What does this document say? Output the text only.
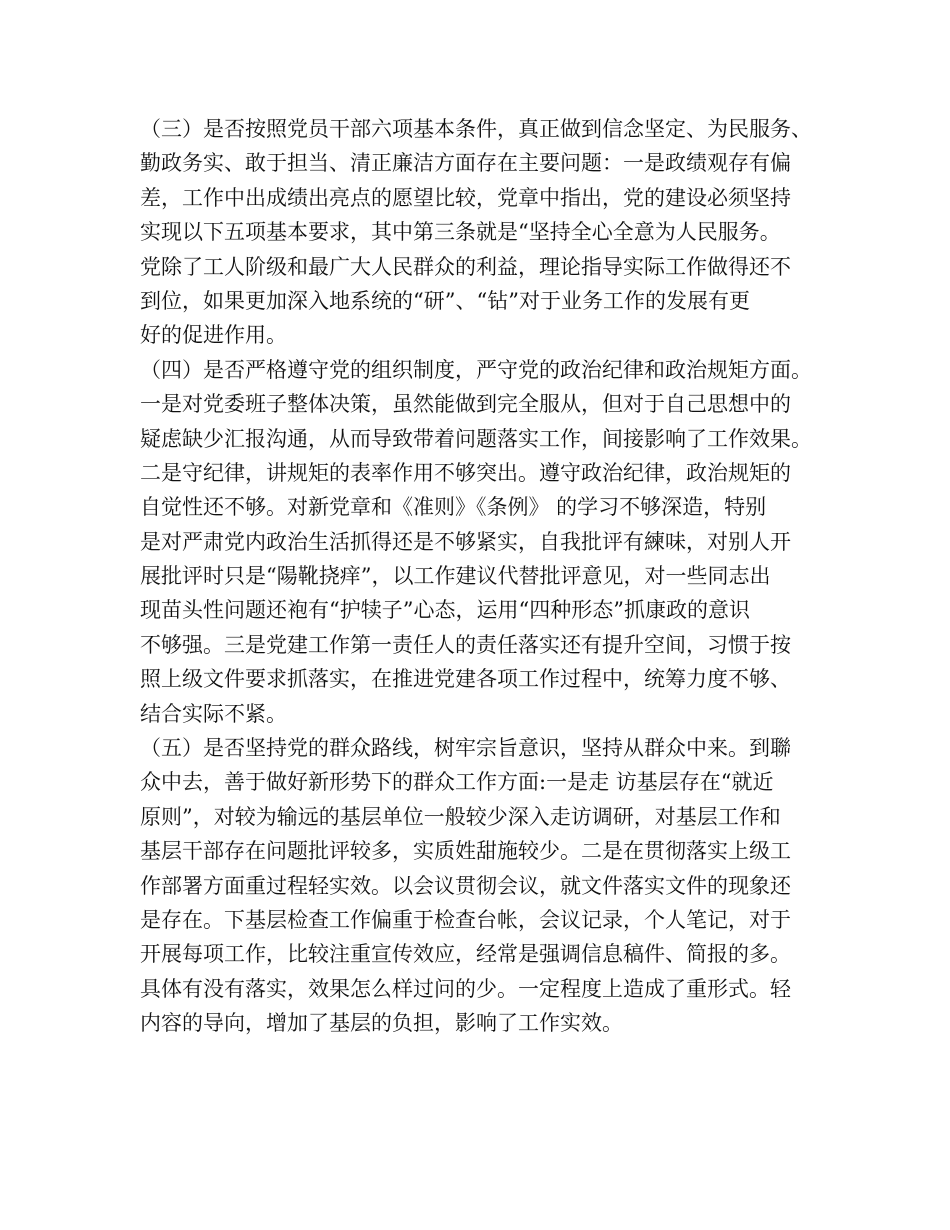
（三）是否按照党员干部六项基本条件，真正做到信念坚定、为民服务、
勤政务实、敢于担当、清正廉洁方面存在主要问题：一是政绩观存有偏
差，工作中出成绩出亮点的愿望比较，党章中指出，党的建设必须坚持
实现以下五项基本要求，其中第三条就是“坚持全心全意为人民服务。
党除了工人阶级和最广大人民群众的利益，理论指导实际工作做得还不
到位，如果更加深入地系统的“研”、“钻”对于业务工作的发展有更
好的促进作用。
（四）是否严格遵守党的组织制度，严守党的政治纪律和政治规矩方面。
一是对党委班子整体决策，虽然能做到完全服从，但对于自己思想中的
疑虑缺少汇报沟通，从而导致带着问题落实工作，间接影响了工作效果。
二是守纪律，讲规矩的表率作用不够突出。遵守政治纪律，政治规矩的
自觉性还不够。对新党章和《准则》《条例》 的学习不够深造，特别
是对严肃党内政治生活抓得还是不够紧实，自我批评有練味，对别人开
展批评时只是“陽靴挠痒”，以工作建议代替批评意见，对一些同志出
现苗头性问题还袍有“护犊子”心态，运用“四种形态”抓康政的意识
不够强。三是党建工作第一责任人的责任落实还有提升空间，习惯于按
照上级文件要求抓落实，在推进党建各项工作过程中，统筹力度不够、
结合实际不紧。
（五）是否坚持党的群众路线，树牢宗旨意识，坚持从群众中来。到聯
众中去，善于做好新形势下的群众工作方面:一是走 访基层存在“就近
原则”，对较为输远的基层单位一般较少深入走访调研，对基层工作和
基层干部存在问题批评较多，实质姓甜施较少。二是在贯彻落实上级工
作部署方面重过程轻实效。以会议贯彻会议，就文件落实文件的现象还
是存在。下基层检查工作偏重于检查台帐，会议记录，个人笔记，对于
开展每项工作，比较注重宣传效应，经常是强调信息稿件、简报的多。
具体有没有落实，效果怎么样过问的少。一定程度上造成了重形式。轻
内容的导向，增加了基层的负担，影响了工作实效。
